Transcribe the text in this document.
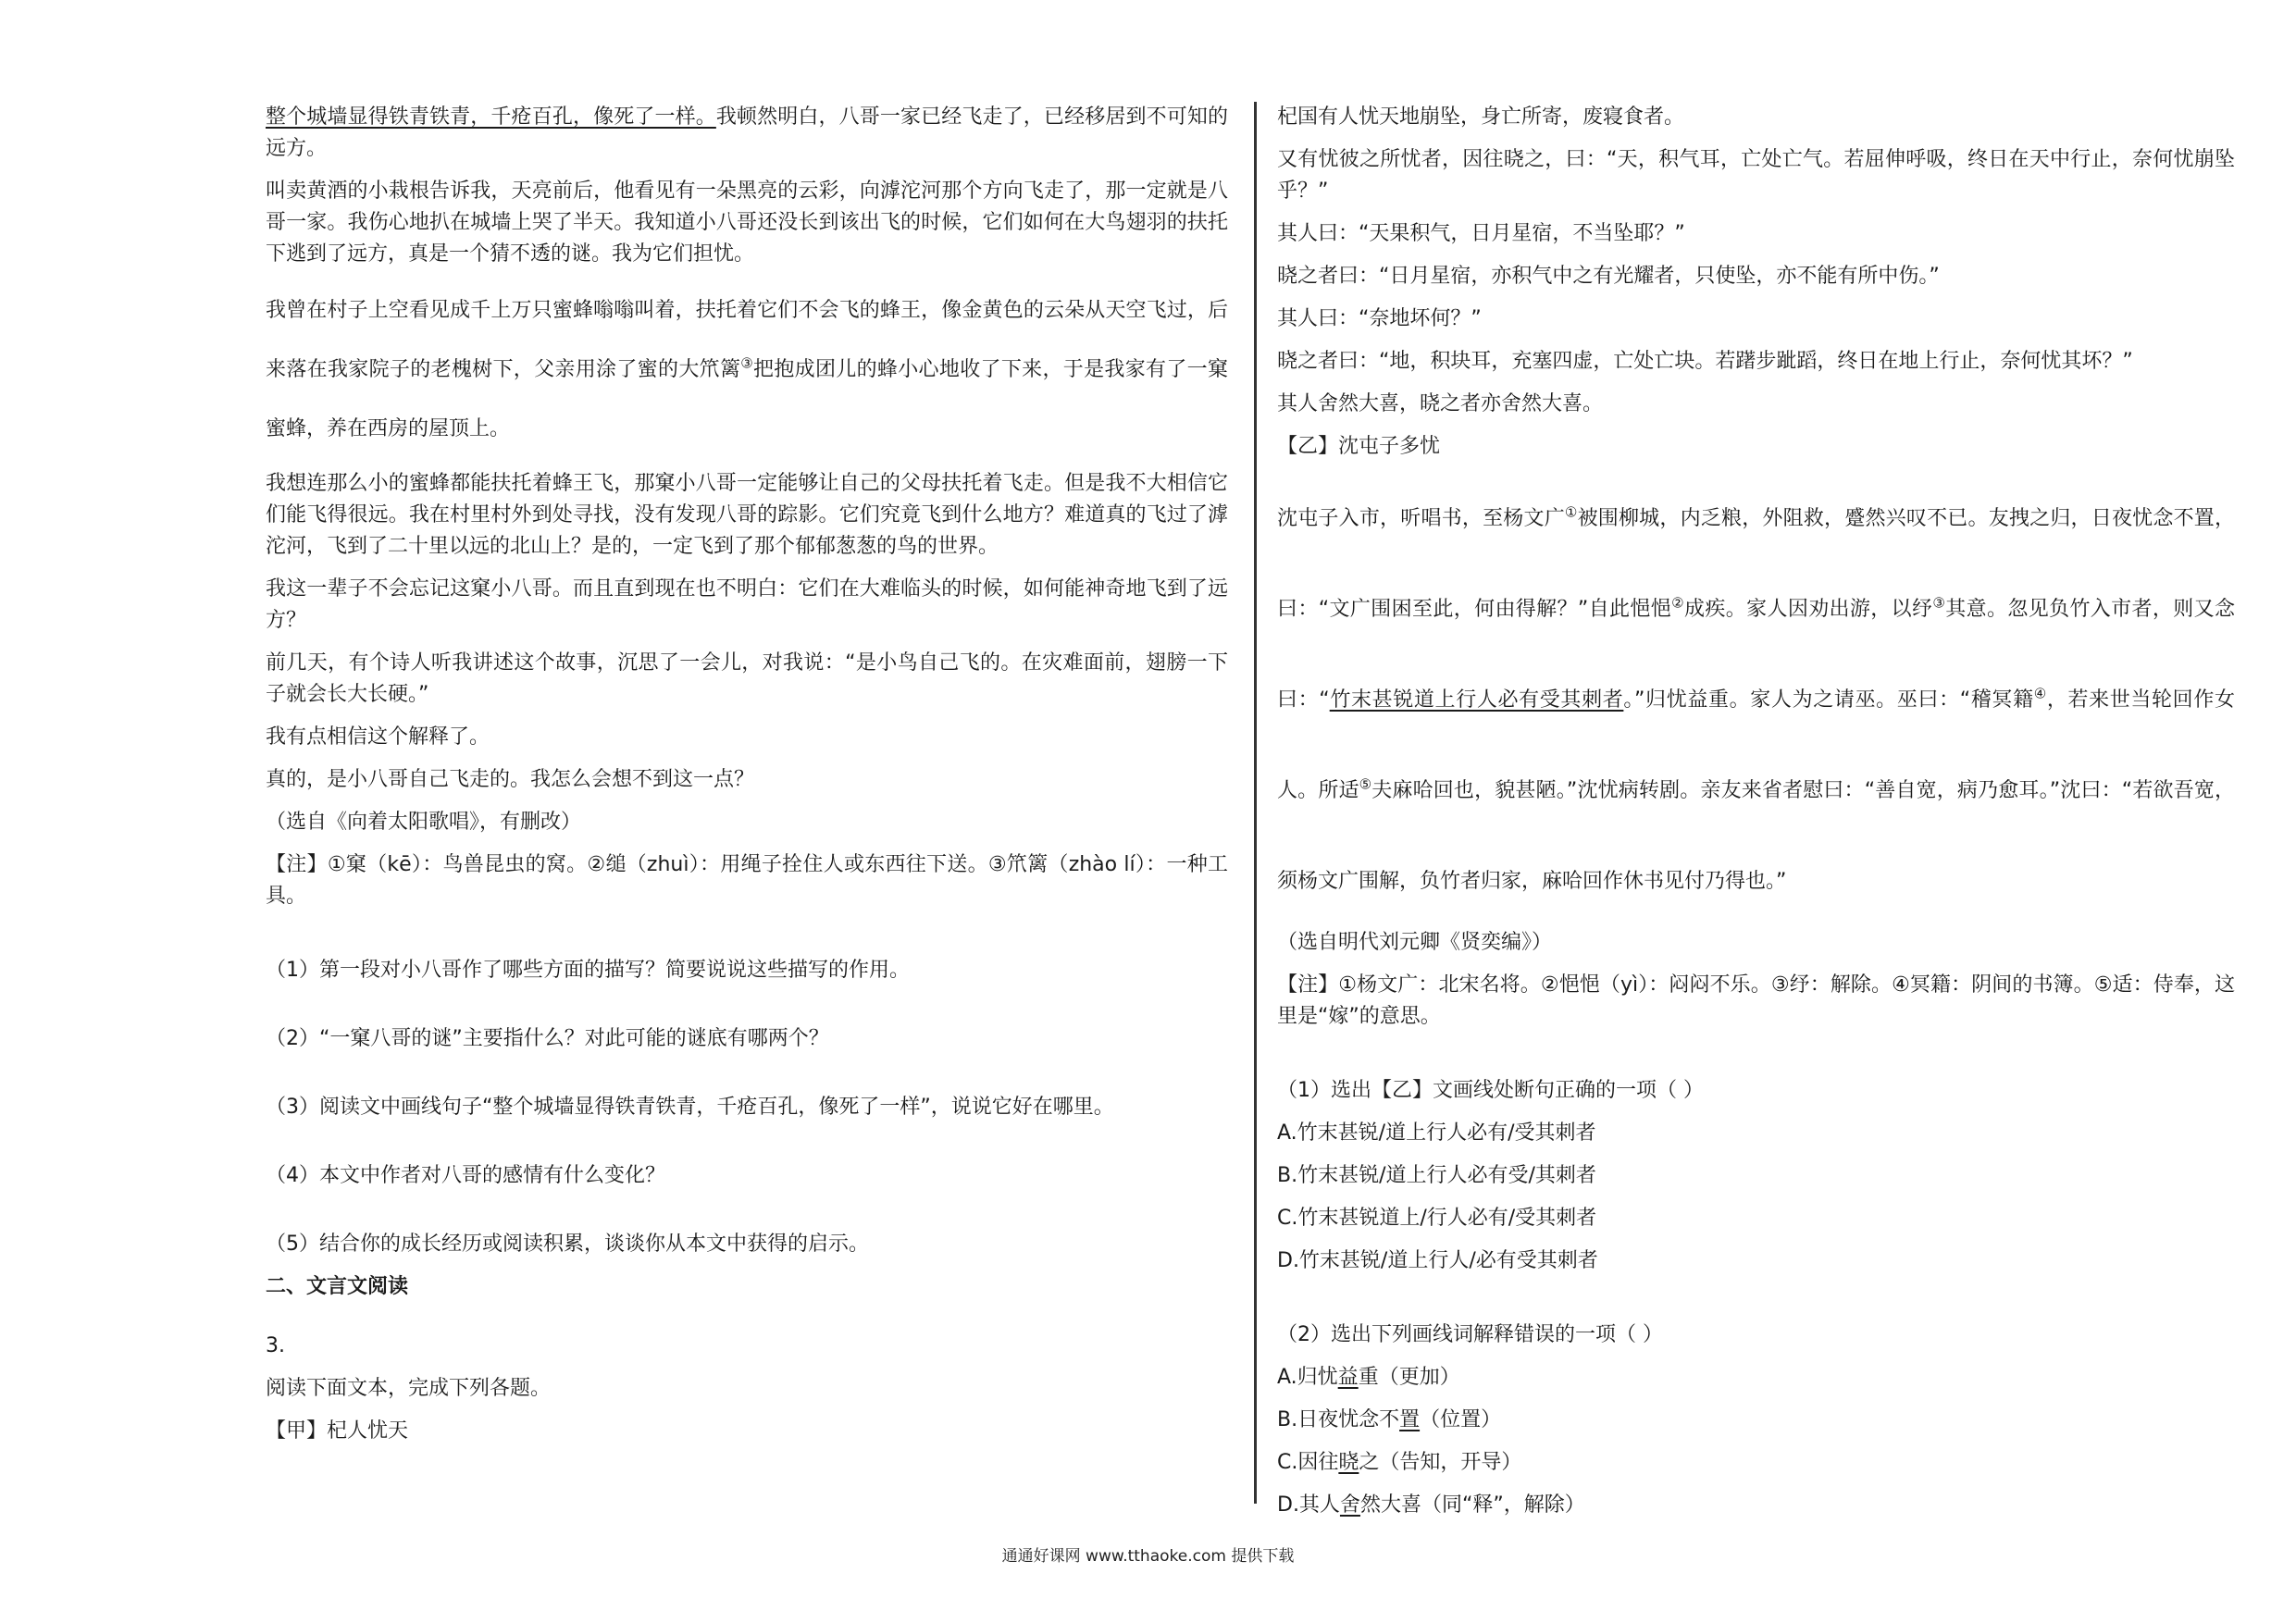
整个城墙显得铁青铁青，千疮百孔，像死了一样。我顿然明白，八哥一家已经飞走了，已经移居到不可知的远方。

叫卖黄酒的小栽根告诉我，天亮前后，他看见有一朵黑亮的云彩，向滹沱河那个方向飞走了，那一定就是八哥一家。我伤心地扒在城墙上哭了半天。我知道小八哥还没长到该出飞的时候，它们如何在大鸟翅羽的扶托下逃到了远方，真是一个猜不透的谜。我为它们担忧。

我曾在村子上空看见成千上万只蜜蜂嗡嗡叫着，扶托着它们不会飞的蜂王，像金黄色的云朵从天空飞过，后来落在我家院子的老槐树下，父亲用涂了蜜的大笊篱③把抱成团儿的蜂小心地收了下来，于是我家有了一窠蜜蜂，养在西房的屋顶上。

我想连那么小的蜜蜂都能扶托着蜂王飞，那窠小八哥一定能够让自己的父母扶托着飞走。但是我不大相信它们能飞得很远。我在村里村外到处寻找，没有发现八哥的踪影。它们究竟飞到什么地方？难道真的飞过了滹沱河，飞到了二十里以远的北山上？是的，一定飞到了那个郁郁葱葱的鸟的世界。

我这一辈子不会忘记这窠小八哥。而且直到现在也不明白：它们在大难临头的时候，如何能神奇地飞到了远方？

前几天，有个诗人听我讲述这个故事，沉思了一会儿，对我说：“是小鸟自己飞的。在灾难面前，翅膀一下子就会长大长硬。”

我有点相信这个解释了。

真的，是小八哥自己飞走的。我怎么会想不到这一点？

（选自《向着太阳歌唱》，有删改）

【注】①窠（kē）：鸟兽昆虫的窝。②缒（zhuì）：用绳子拴住人或东西往下送。③笊篱（zhào lí）：一种工具。

（1）第一段对小八哥作了哪些方面的描写？简要说说这些描写的作用。

（2）“一窠八哥的谜”主要指什么？对此可能的谜底有哪两个？

（3）阅读文中画线句子“整个城墙显得铁青铁青，千疮百孔，像死了一样”，说说它好在哪里。

（4）本文中作者对八哥的感情有什么变化？

（5）结合你的成长经历或阅读积累，谈谈你从本文中获得的启示。

二、文言文阅读

3.

阅读下面文本，完成下列各题。

【甲】杞人忧天

杞国有人忧天地崩坠，身亡所寄，废寝食者。

又有忧彼之所忧者，因往晓之，曰：“天，积气耳，亡处亡气。若屈伸呼吸，终日在天中行止，奈何忧崩坠乎？”

其人曰：“天果积气，日月星宿，不当坠耶？”

晓之者曰：“日月星宿，亦积气中之有光耀者，只使坠，亦不能有所中伤。”

其人曰：“奈地坏何？”

晓之者曰：“地，积块耳，充塞四虚，亡处亡块。若躇步跐蹈，终日在地上行止，奈何忧其坏？”

其人舍然大喜，晓之者亦舍然大喜。

【乙】沈屯子多忧

沈屯子入市，听唱书，至杨文广①被围柳城，内乏粮，外阻救，蹙然兴叹不已。友拽之归，日夜忧念不置，曰：“文广围困至此，何由得解？”自此悒悒②成疾。家人因劝出游，以纾③其意。忽见负竹入市者，则又念曰：“竹末甚锐道上行人必有受其刺者。”归忧益重。家人为之请巫。巫曰：“稽冥籍④，若来世当轮回作女人。所适⑤夫麻哈回也，貌甚陋。”沈忧病转剧。亲友来省者慰曰：“善自宽，病乃愈耳。”沈曰：“若欲吾宽，须杨文广围解，负竹者归家，麻哈回作休书见付乃得也。”

（选自明代刘元卿《贤奕编》）

【注】①杨文广：北宋名将。②悒悒（yì）：闷闷不乐。③纾：解除。④冥籍：阴间的书簿。⑤适：侍奉，这里是“嫁”的意思。

（1）选出【乙】文画线处断句正确的一项（ ）

A.竹末甚锐/道上行人必有/受其刺者

B.竹末甚锐/道上行人必有受/其刺者

C.竹末甚锐道上/行人必有/受其刺者

D.竹末甚锐/道上行人/必有受其刺者

（2）选出下列画线词解释错误的一项（ ）

A.归忧益重（更加）

B.日夜忧念不置（位置）

C.因往晓之（告知，开导）

D.其人舍然大喜（同“释”，解除）

通通好课网 www.tthaoke.com 提供下载
